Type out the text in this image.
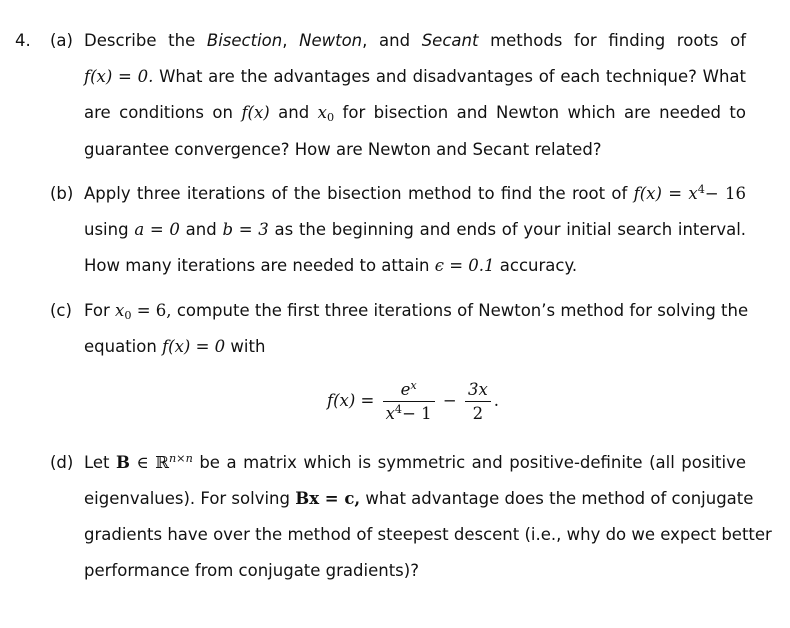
4. (a) Describe the Bisection, Newton, and Secant methods for finding roots of
f(x) = 0. What are the advantages and disadvantages of each technique? What
are conditions on f(x) and $x_0$ for bisection and Newton which are needed to
guarantee convergence? How are Newton and Secant related?
(b) Apply three iterations of the bisection method to find the root of $f(x) = x^4- 16$
using a = 0 and b = 3 as the beginning and ends of your initial search interval.
How many iterations are needed to attain ϵ = 0.1 accuracy.
(c) For $x_0 = 6$, compute the first three iterations of Newton’s method for solving the
equation f(x) = 0 with
$f(x) = \frac{e^x}{x^4- 1} - \frac{3x}{2}$ .
(d) Let B ∈ ℝ$^{n\times n}$ be a matrix which is symmetric and positive-definite (all positive
eigenvalues). For solving Bx = c, what advantage does the method of conjugate
gradients have over the method of steepest descent (i.e., why do we expect better
performance from conjugate gradients)?
